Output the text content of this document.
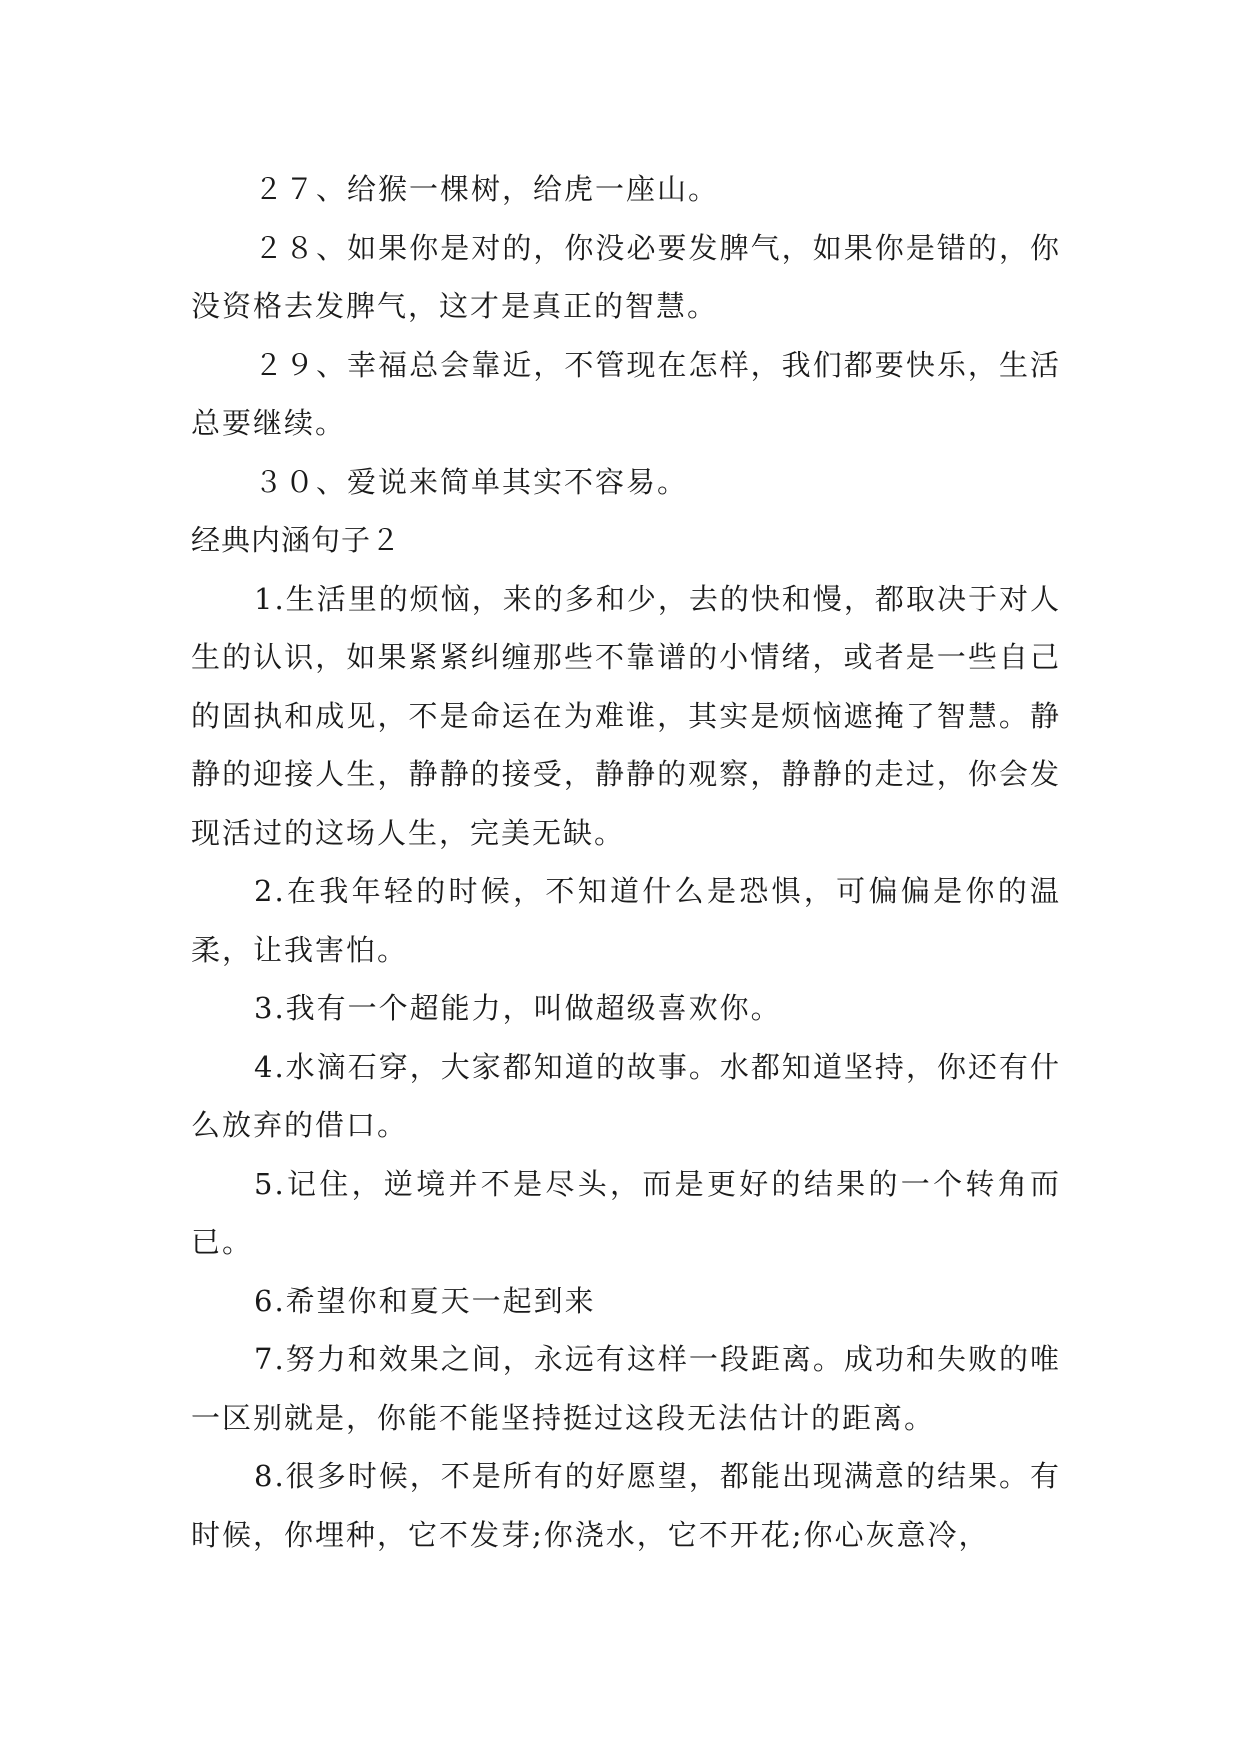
２７、给猴一棵树，给虎一座山。

２８、如果你是对的，你没必要发脾气，如果你是错的，你没资格去发脾气，这才是真正的智慧。

２９、幸福总会靠近，不管现在怎样，我们都要快乐，生活总要继续。

３０、爱说来简单其实不容易。

经典内涵句子２

1.生活里的烦恼，来的多和少，去的快和慢，都取决于对人生的认识，如果紧紧纠缠那些不靠谱的小情绪，或者是一些自己的固执和成见，不是命运在为难谁，其实是烦恼遮掩了智慧。静静的迎接人生，静静的接受，静静的观察，静静的走过，你会发现活过的这场人生，完美无缺。

2.在我年轻的时候，不知道什么是恐惧，可偏偏是你的温柔，让我害怕。

3.我有一个超能力，叫做超级喜欢你。

4.水滴石穿，大家都知道的故事。水都知道坚持，你还有什么放弃的借口。

5.记住，逆境并不是尽头，而是更好的结果的一个转角而已。

6.希望你和夏天一起到来

7.努力和效果之间，永远有这样一段距离。成功和失败的唯一区别就是，你能不能坚持挺过这段无法估计的距离。

8.很多时候，不是所有的好愿望，都能出现满意的结果。有时候，你埋种，它不发芽;你浇水，它不开花;你心灰意冷，
